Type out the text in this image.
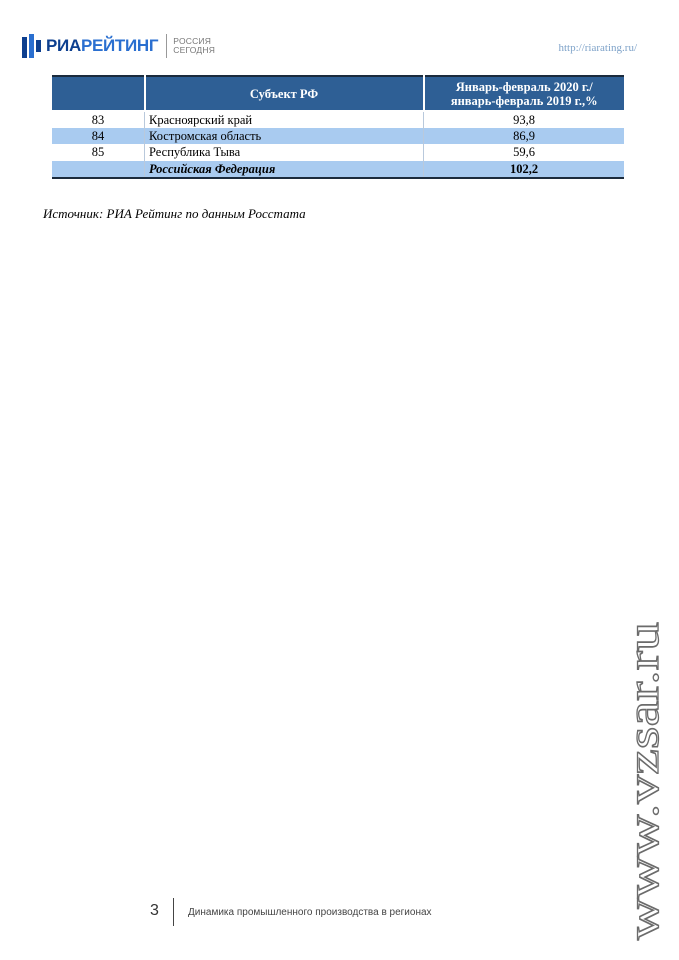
РИАРЕЙТИНГ РОССИЯ
СЕГОДНЯ	http://riarating.ru/
	Субъект РФ	Январь-февраль 2020 г./
январь-февраль 2019 г.,%

83	Красноярский край	93,8
84	Костромская область	86,9
85	Республика Тыва	59,6
	Российская Федерация	102,2
Источник: РИА Рейтинг по данным Росстата
www.vzsar.ru
3	Динамика промышленного производства в регионах
